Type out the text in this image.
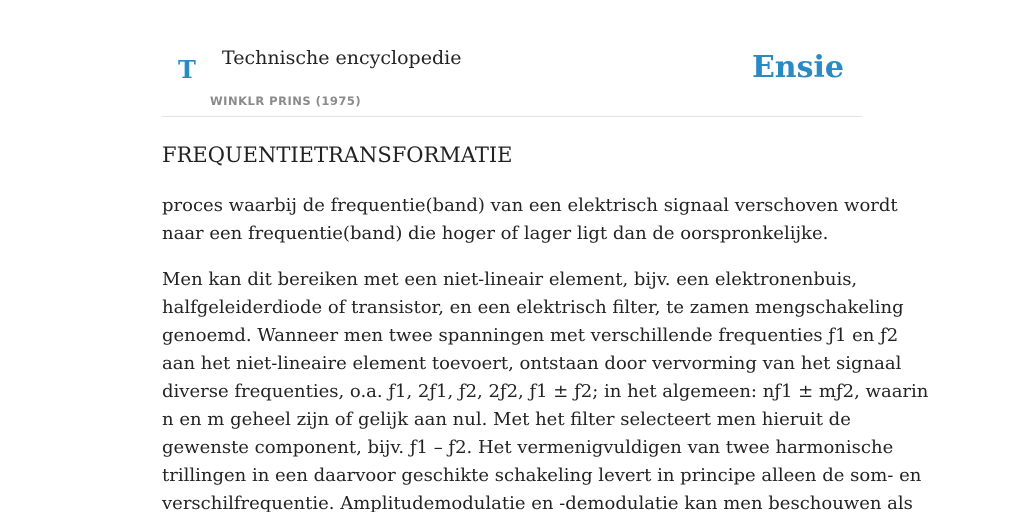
T Technische encyclopedie
WINKLR PRINS (1975)
Ensie
FREQUENTIETRANSFORMATIE

proces waarbij de frequentie(band) van een elektrisch signaal verschoven wordt
naar een frequentie(band) die hoger of lager ligt dan de oorspronkelijke.

Men kan dit bereiken met een niet-lineair element, bijv. een elektronenbuis,
halfgeleiderdiode of transistor, en een elektrisch filter, te zamen mengschakeling
genoemd. Wanneer men twee spanningen met verschillende frequenties ƒ1 en ƒ2
aan het niet-lineaire element toevoert, ontstaan door vervorming van het signaal
diverse frequenties, o.a. ƒ1, 2ƒ1, ƒ2, 2ƒ2, ƒ1 ± ƒ2; in het algemeen: nƒ1 ± mƒ2, waarin
n en m geheel zijn of gelijk aan nul. Met het filter selecteert men hieruit de
gewenste component, bijv. ƒ1 – ƒ2. Het vermenigvuldigen van twee harmonische
trillingen in een daarvoor geschikte schakeling levert in principe alleen de som- en
verschilfrequentie. Amplitudemodulatie en -demodulatie kan men beschouwen als
